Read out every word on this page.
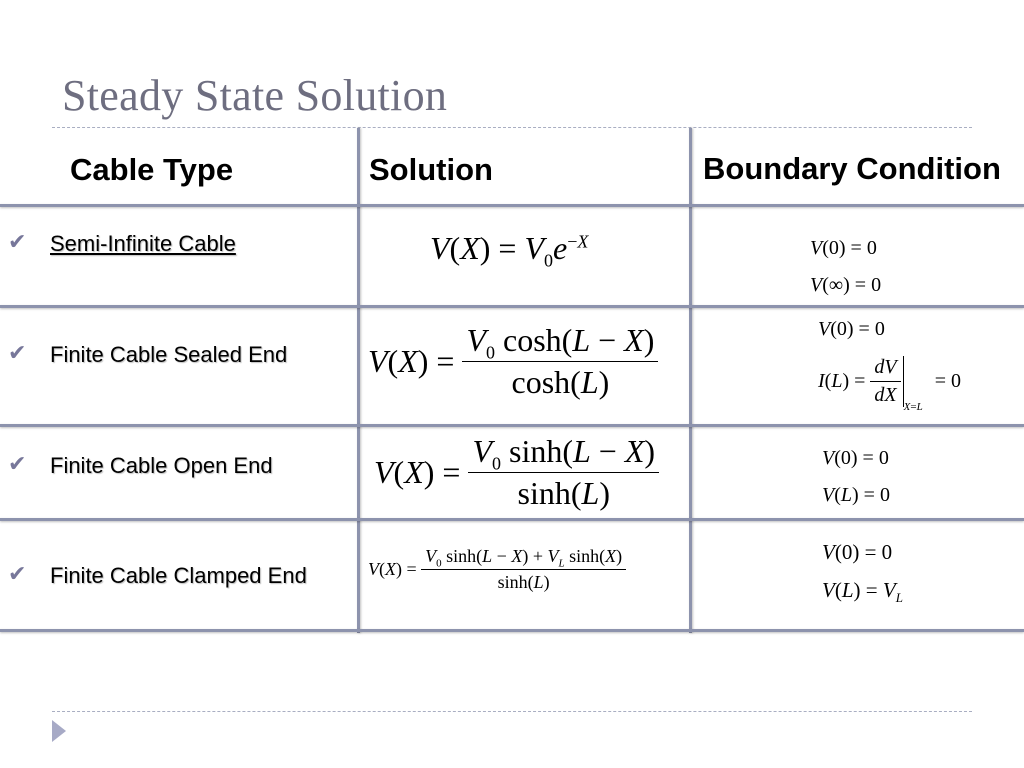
Steady State Solution
Cable Type	Solution	Boundary Condition
✔ Semi-Infinite Cable	$V(X) = V_0e^{-X}$	V(0) = 0
V(∞) = 0
✔ Finite Cable Sealed End	$V(X) = \frac{V_0 \cosh(L - X)}{\cosh(L)}$	V(0) = 0
$I(L) = \frac{dV}{dX}$
$_{X=L}$= 0
✔ Finite Cable Open End	$V(X) = \frac{V_0 \sinh(L - X)}{\sinh(L)}$	V(0) = 0
V(L) = 0
✔ Finite Cable Clamped End	$V(X) = \frac{V_0 \sinh(L - X) + V_L \sinh(X)}{\sinh(L)}$	V(0) = 0
$V(L) = V_L$
